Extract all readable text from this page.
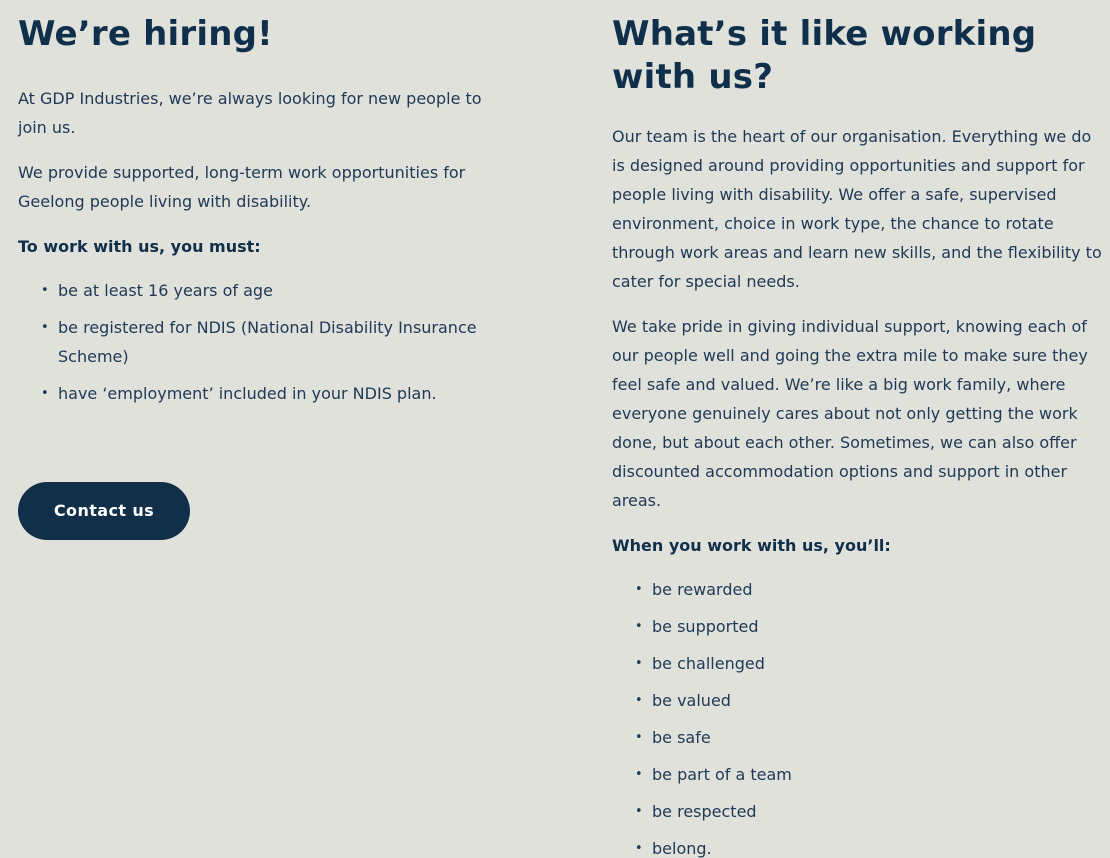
We’re hiring!

At GDP Industries, we’re always looking for new people to join us.

We provide supported, long-term work opportunities for Geelong people living with disability.

To work with us, you must:
• be at least 16 years of age
• be registered for NDIS (National Disability Insurance Scheme)
• have ‘employment’ included in your NDIS plan.
Contact us
What’s it like working with us?

Our team is the heart of our organisation. Everything we do is designed around providing opportunities and support for people living with disability. We offer a safe, supervised environment, choice in work type, the chance to rotate through work areas and learn new skills, and the flexibility to cater for special needs.

We take pride in giving individual support, knowing each of our people well and going the extra mile to make sure they feel safe and valued. We’re like a big work family, where everyone genuinely cares about not only getting the work done, but about each other. Sometimes, we can also offer discounted accommodation options and support in other areas.

When you work with us, you’ll:
• be rewarded
• be supported
• be challenged
• be valued
• be safe
• be part of a team
• be respected
• belong.
